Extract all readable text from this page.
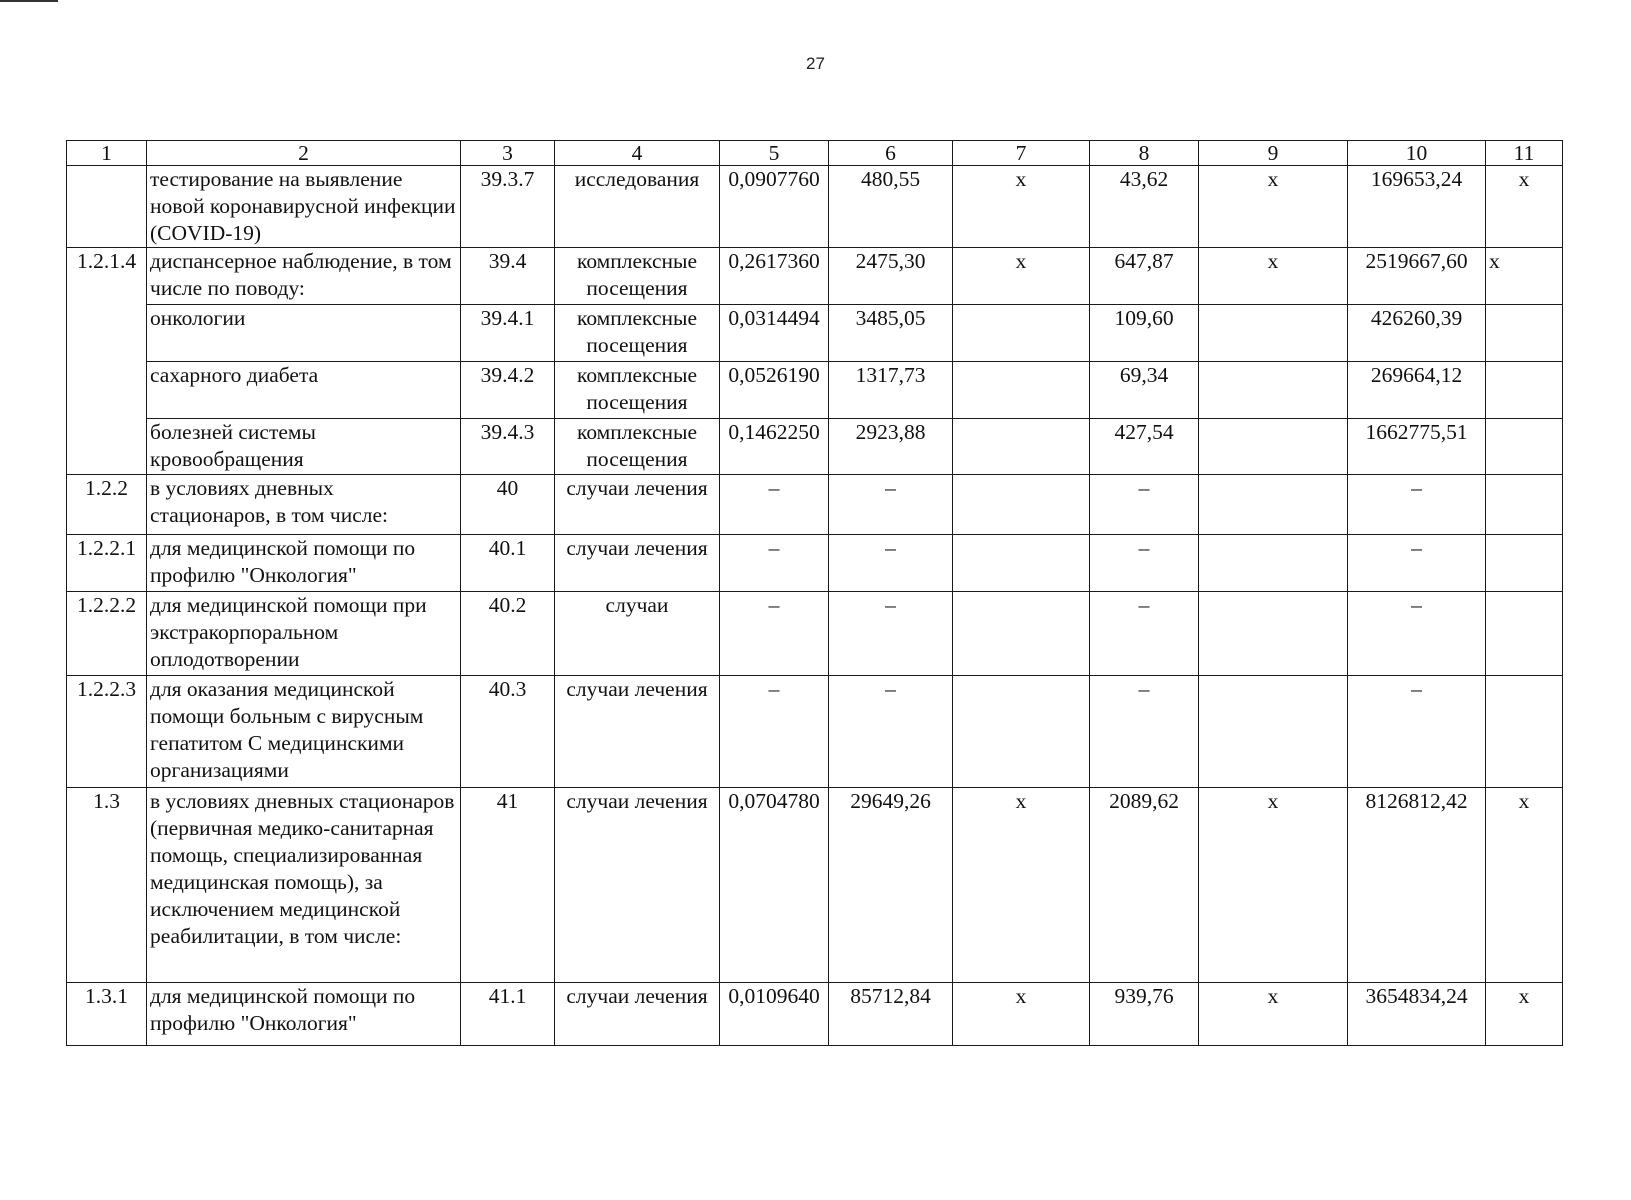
27
1	2	3	4	5	6	7	8	9	10	11
	тестирование на выявление новой коронавирусной инфекции (COVID-19)	39.3.7	исследования	0,0907760	480,55	х	43,62	х	169653,24	х
1.2.1.4	диспансерное наблюдение, в том числе по поводу:	39.4	комплексные посещения	0,2617360	2475,30	х	647,87	х	2519667,60	х
	онкологии	39.4.1	комплексные посещения	0,0314494	3485,05		109,60		426260,39	
	сахарного диабета	39.4.2	комплексные посещения	0,0526190	1317,73		69,34		269664,12	
	болезней системы кровообращения	39.4.3	комплексные посещения	0,1462250	2923,88		427,54		1662775,51	
1.2.2	в условиях дневных стационаров, в том числе:	40	случаи лечения	–	–		–		–	
1.2.2.1	для медицинской помощи по профилю "Онкология"	40.1	случаи лечения	–	–		–		–	
1.2.2.2	для медицинской помощи при экстракорпоральном оплодотворении	40.2	случаи	–	–		–		–	
1.2.2.3	для оказания медицинской помощи больным с вирусным гепатитом С медицинскими организациями	40.3	случаи лечения	–	–		–		–	
1.3	в условиях дневных стационаров (первичная медико-санитарная помощь, специализированная медицинская помощь), за исключением медицинской реабилитации, в том числе:	41	случаи лечения	0,0704780	29649,26	х	2089,62	х	8126812,42	х
1.3.1	для медицинской помощи по профилю "Онкология"	41.1	случаи лечения	0,0109640	85712,84	х	939,76	х	3654834,24	х
